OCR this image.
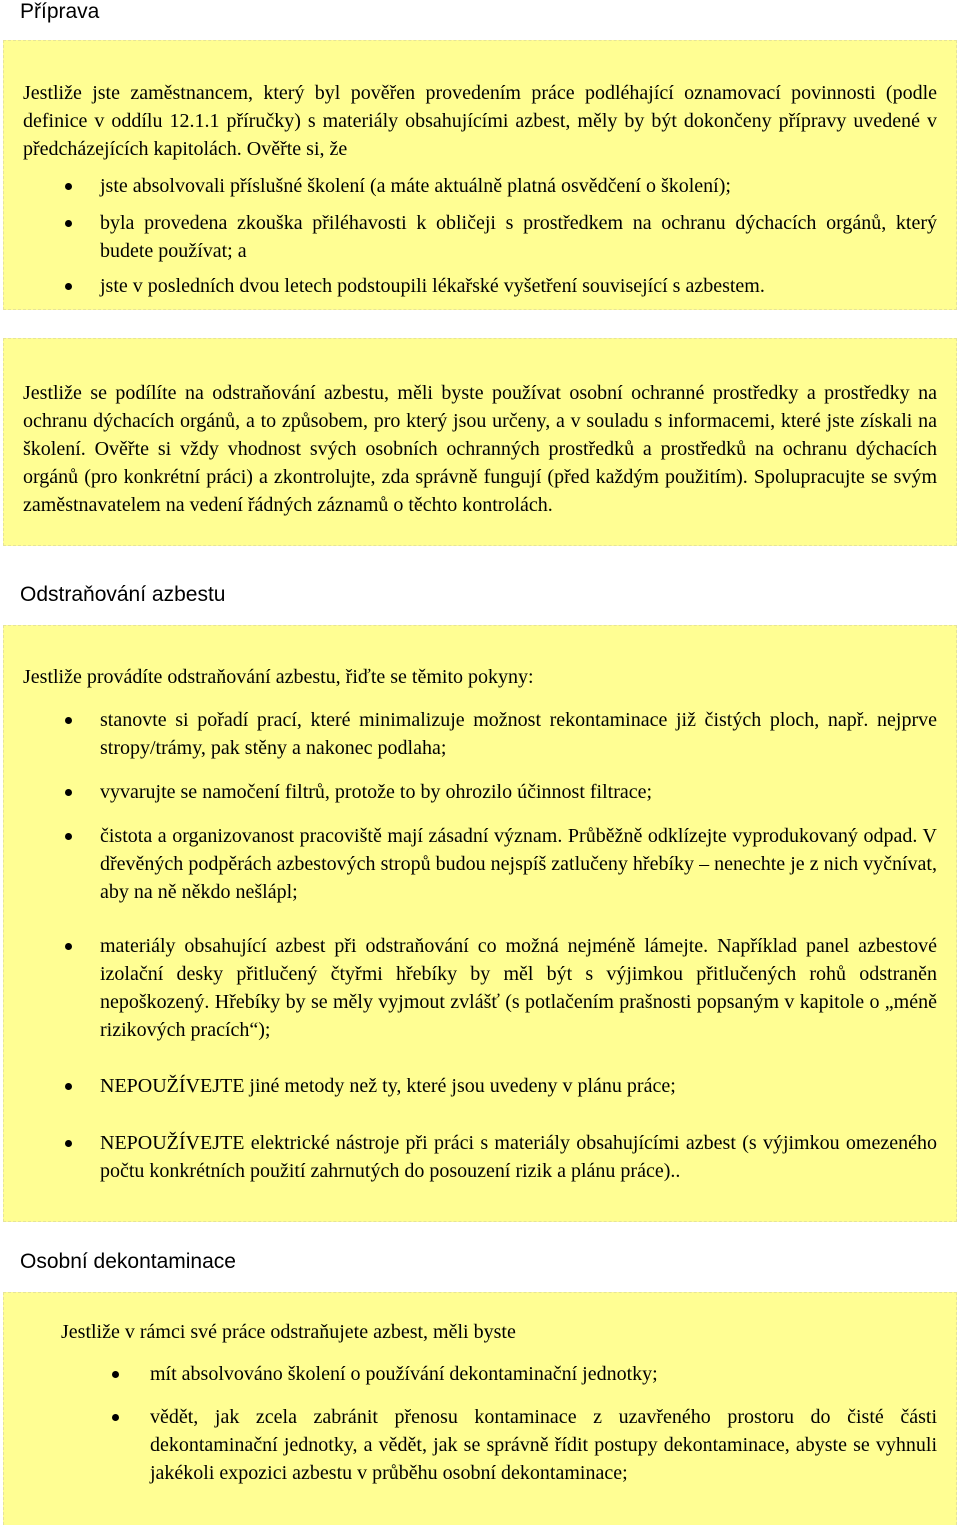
Příprava

Jestliže jste zaměstnancem, který byl pověřen provedením práce podléhající oznamovací povinnosti (podle definice v oddílu 12.1.1 příručky) s materiály obsahujícími azbest, měly by být dokončeny přípravy uvedené v předcházejících kapitolách. Ověřte si, že

jste absolvovali příslušné školení (a máte aktuálně platná osvědčení o školení);

byla provedena zkouška přiléhavosti k obličeji s prostředkem na ochranu dýchacích orgánů, který budete používat; a

jste v posledních dvou letech podstoupili lékařské vyšetření související s azbestem.

Jestliže se podílíte na odstraňování azbestu, měli byste používat osobní ochranné prostředky a prostředky na ochranu dýchacích orgánů, a to způsobem, pro který jsou určeny, a v souladu s informacemi, které jste získali na školení. Ověřte si vždy vhodnost svých osobních ochranných prostředků a prostředků na ochranu dýchacích orgánů (pro konkrétní práci) a zkontrolujte, zda správně fungují (před každým použitím). Spolupracujte se svým zaměstnavatelem na vedení řádných záznamů o těchto kontrolách.

Odstraňování azbestu

Jestliže provádíte odstraňování azbestu, řiďte se těmito pokyny:

stanovte si pořadí prací, které minimalizuje možnost rekontaminace již čistých ploch, např. nejprve stropy/trámy, pak stěny a nakonec podlaha;

vyvarujte se namočení filtrů, protože to by ohrozilo účinnost filtrace;

čistota a organizovanost pracoviště mají zásadní význam. Průběžně odklízejte vyprodukovaný odpad. V dřevěných podpěrách azbestových stropů budou nejspíš zatlučeny hřebíky – nenechte je z nich vyčnívat, aby na ně někdo nešlápl;

materiály obsahující azbest při odstraňování co možná nejméně lámejte. Například panel azbestové izolační desky přitlučený čtyřmi hřebíky by měl být s výjimkou přitlučených rohů odstraněn nepoškozený. Hřebíky by se měly vyjmout zvlášť (s potlačením prašnosti popsaným v kapitole o „méně rizikových pracích“);

NEPOUŽÍVEJTE jiné metody než ty, které jsou uvedeny v plánu práce;

NEPOUŽÍVEJTE elektrické nástroje při práci s materiály obsahujícími azbest (s výjimkou omezeného počtu konkrétních použití zahrnutých do posouzení rizik a plánu práce)..

Osobní dekontaminace

Jestliže v rámci své práce odstraňujete azbest, měli byste

mít absolvováno školení o používání dekontaminační jednotky;

vědět, jak zcela zabránit přenosu kontaminace z uzavřeného prostoru do čisté části dekontaminační jednotky, a vědět, jak se správně řídit postupy dekontaminace, abyste se vyhnuli jakékoli expozici azbestu v průběhu osobní dekontaminace;
